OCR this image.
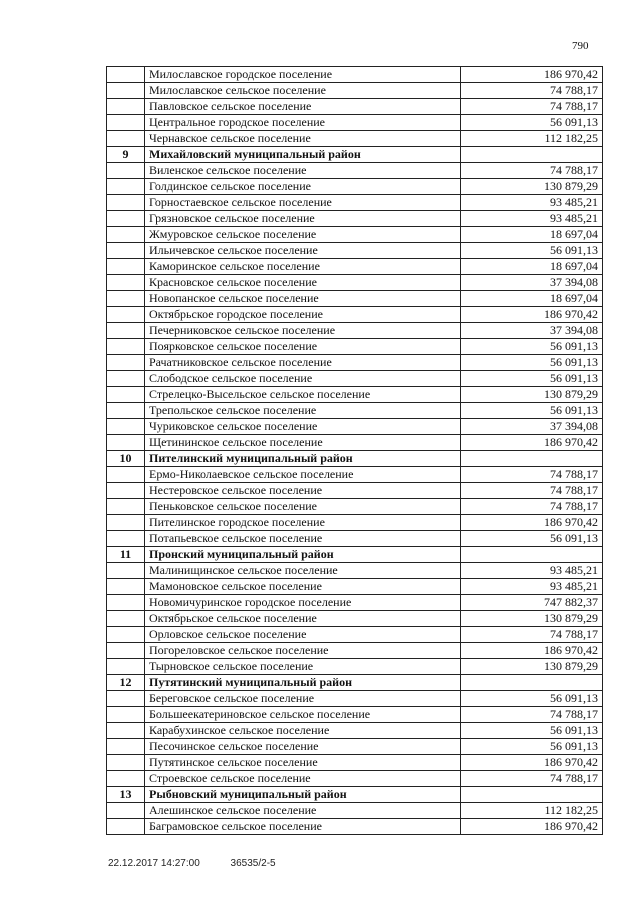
790
	Милославское городское поселение	186 970,42
	Милославское сельское поселение	74 788,17
	Павловское сельское поселение	74 788,17
	Центральное городское поселение	56 091,13
	Чернавское сельское поселение	112 182,25
9	Михайловский муниципальный район	
	Виленское сельское поселение	74 788,17
	Голдинское сельское поселение	130 879,29
	Горностаевское сельское поселение	93 485,21
	Грязновское сельское поселение	93 485,21
	Жмуровское сельское поселение	18 697,04
	Ильичевское сельское поселение	56 091,13
	Каморинское сельское поселение	18 697,04
	Красновское сельское поселение	37 394,08
	Новопанское сельское поселение	18 697,04
	Октябрьское городское поселение	186 970,42
	Печерниковское сельское поселение	37 394,08
	Поярковское сельское поселение	56 091,13
	Рачатниковское сельское поселение	56 091,13
	Слободское сельское поселение	56 091,13
	Стрелецко-Высельское сельское поселение	130 879,29
	Трепольское сельское поселение	56 091,13
	Чуриковское сельское поселение	37 394,08
	Щетининское сельское поселение	186 970,42
10	Пителинский муниципальный район	
	Ермо-Николаевское сельское поселение	74 788,17
	Нестеровское сельское поселение	74 788,17
	Пеньковское сельское поселение	74 788,17
	Пителинское городское поселение	186 970,42
	Потапьевское сельское поселение	56 091,13
11	Пронский муниципальный район	
	Малинищинское сельское поселение	93 485,21
	Мамоновское сельское поселение	93 485,21
	Новомичуринское городское поселение	747 882,37
	Октябрьское сельское поселение	130 879,29
	Орловское сельское поселение	74 788,17
	Погореловское сельское поселение	186 970,42
	Тырновское сельское поселение	130 879,29
12	Путятинский муниципальный район	
	Береговское сельское поселение	56 091,13
	Большеекатериновское сельское поселение	74 788,17
	Карабухинское сельское поселение	56 091,13
	Песочинское сельское поселение	56 091,13
	Путятинское сельское поселение	186 970,42
	Строевское сельское поселение	74 788,17
13	Рыбновский муниципальный район	
	Алешинское сельское поселение	112 182,25
	Баграмовское сельское поселение	186 970,42
22.12.2017 14:27:00	36535/2-5
